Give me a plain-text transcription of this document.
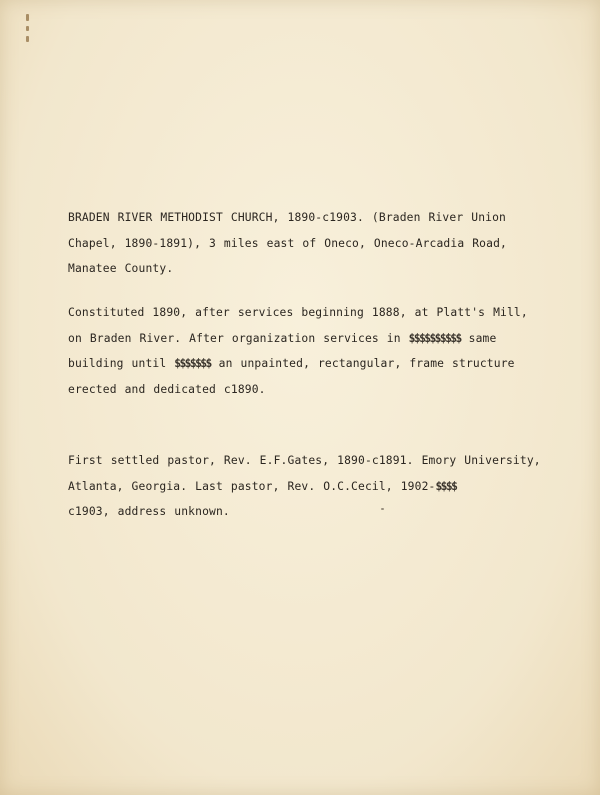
BRADEN RIVER METHODIST CHURCH, 1890-c1903. (Braden River Union
Chapel, 1890-1891), 3 miles east of Oneco, Oneco-Arcadia Road,
Manatee County.
Constituted 1890, after services beginning 1888, at Platt's Mill,
on Braden River. After organization services in $$$$$$$$$$ same
building until $$$$$$$ an unpainted, rectangular, frame structure
erected and dedicated c1890.
First settled pastor, Rev. E.F.Gates, 1890-c1891. Emory University,
Atlanta, Georgia. Last pastor, Rev. O.C.Cecil, 1902-$$$$
c1903, address unknown.
